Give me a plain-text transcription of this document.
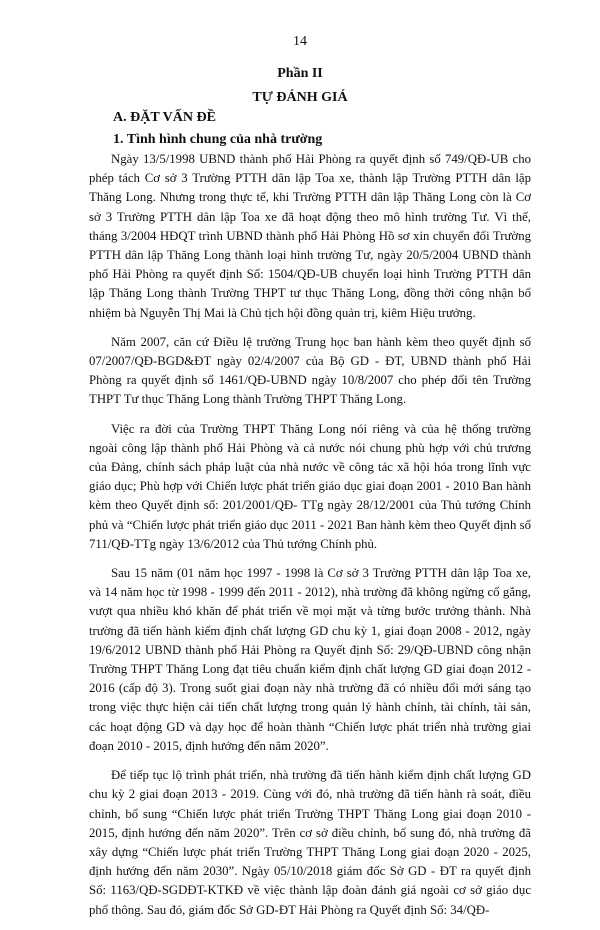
14
Phần II
TỰ ĐÁNH GIÁ
A. ĐẶT VẤN ĐỀ
1. Tình hình chung của nhà trường

Ngày 13/5/1998 UBND thành phố Hải Phòng ra quyết định số 749/QĐ-UB cho phép tách Cơ sở 3 Trường PTTH dân lập Toa xe, thành lập Trường PTTH dân lập Thăng Long. Nhưng trong thực tế, khi Trường PTTH dân lập Thăng Long còn là Cơ sở 3 Trường PTTH dân lập Toa xe đã hoạt động theo mô hình trường Tư. Vì thế, tháng 3/2004 HĐQT trình UBND thành phố Hải Phòng Hồ sơ xin chuyển đổi Trường PTTH dân lập Thăng Long thành loại hình trường Tư, ngày 20/5/2004 UBND thành phố Hải Phòng ra quyết định Số: 1504/QĐ-UB chuyển loại hình Trường PTTH dân lập Thăng Long thành Trường THPT tư thục Thăng Long, đồng thời công nhận bổ nhiệm bà Nguyễn Thị Mai là Chủ tịch hội đồng quản trị, kiêm Hiệu trưởng.

Năm 2007, căn cứ Điều lệ trường Trung học ban hành kèm theo quyết định số 07/2007/QĐ-BGD&ĐT ngày 02/4/2007 của Bộ GD - ĐT, UBND thành phố Hải Phòng ra quyết định số 1461/QĐ-UBND ngày 10/8/2007 cho phép đổi tên Trường THPT Tư thục Thăng Long thành Trường THPT Thăng Long.

Việc ra đời của Trường THPT Thăng Long nói riêng và của hệ thống trường ngoài công lập thành phố Hải Phòng và cả nước nói chung phù hợp với chủ trương của Đảng, chính sách pháp luật của nhà nước về công tác xã hội hóa trong lĩnh vực giáo dục; Phù hợp với Chiến lược phát triển giáo dục giai đoạn 2001 - 2010 Ban hành kèm theo Quyết định số: 201/2001/QĐ- TTg ngày 28/12/2001 của Thủ tướng Chính phủ và “Chiến lược phát triển giáo dục 2011 - 2021 Ban hành kèm theo Quyết định số 711/QĐ-TTg ngày 13/6/2012 của Thủ tướng Chính phủ.

Sau 15 năm (01 năm học 1997 - 1998 là Cơ sở 3 Trường PTTH dân lập Toa xe, và 14 năm học từ 1998 - 1999 đến 2011 - 2012), nhà trường đã không ngừng cố gắng, vượt qua nhiều khó khăn để phát triển về mọi mặt và từng bước trưởng thành. Nhà trường đã tiến hành kiểm định chất lượng GD chu kỳ 1, giai đoạn 2008 - 2012, ngày 19/6/2012 UBND thành phố Hải Phòng ra Quyết định Số: 29/QĐ-UBND công nhận Trường THPT Thăng Long đạt tiêu chuẩn kiểm định chất lượng GD giai đoạn 2012 - 2016 (cấp độ 3). Trong suốt giai đoạn này nhà trường đã có nhiều đổi mới sáng tạo trong việc thực hiện cải tiến chất lượng trong quản lý hành chính, tài chính, tài sản, các hoạt động GD và dạy học để hoàn thành “Chiến lược phát triển nhà trường giai đoạn 2010 - 2015, định hướng đến năm 2020”.

Để tiếp tục lộ trình phát triển, nhà trường đã tiến hành kiểm định chất lượng GD chu kỳ 2 giai đoạn 2013 - 2019. Cùng với đó, nhà trường đã tiến hành rà soát, điều chỉnh, bổ sung “Chiến lược phát triển Trường THPT Thăng Long giai đoạn 2010 - 2015, định hướng đến năm 2020”. Trên cơ sở điều chỉnh, bổ sung đó, nhà trường đã xây dựng “Chiến lược phát triển Trường THPT Thăng Long giai đoạn 2020 - 2025, định hướng đến năm 2030”. Ngày 05/10/2018 giám đốc Sở GD - ĐT ra quyết định Số: 1163/QĐ-SGDĐT-KTKĐ về việc thành lập đoàn đánh giá ngoài cơ sở giáo dục phổ thông. Sau đó, giám đốc Sở GD-ĐT Hải Phòng ra Quyết định Số: 34/QĐ-
